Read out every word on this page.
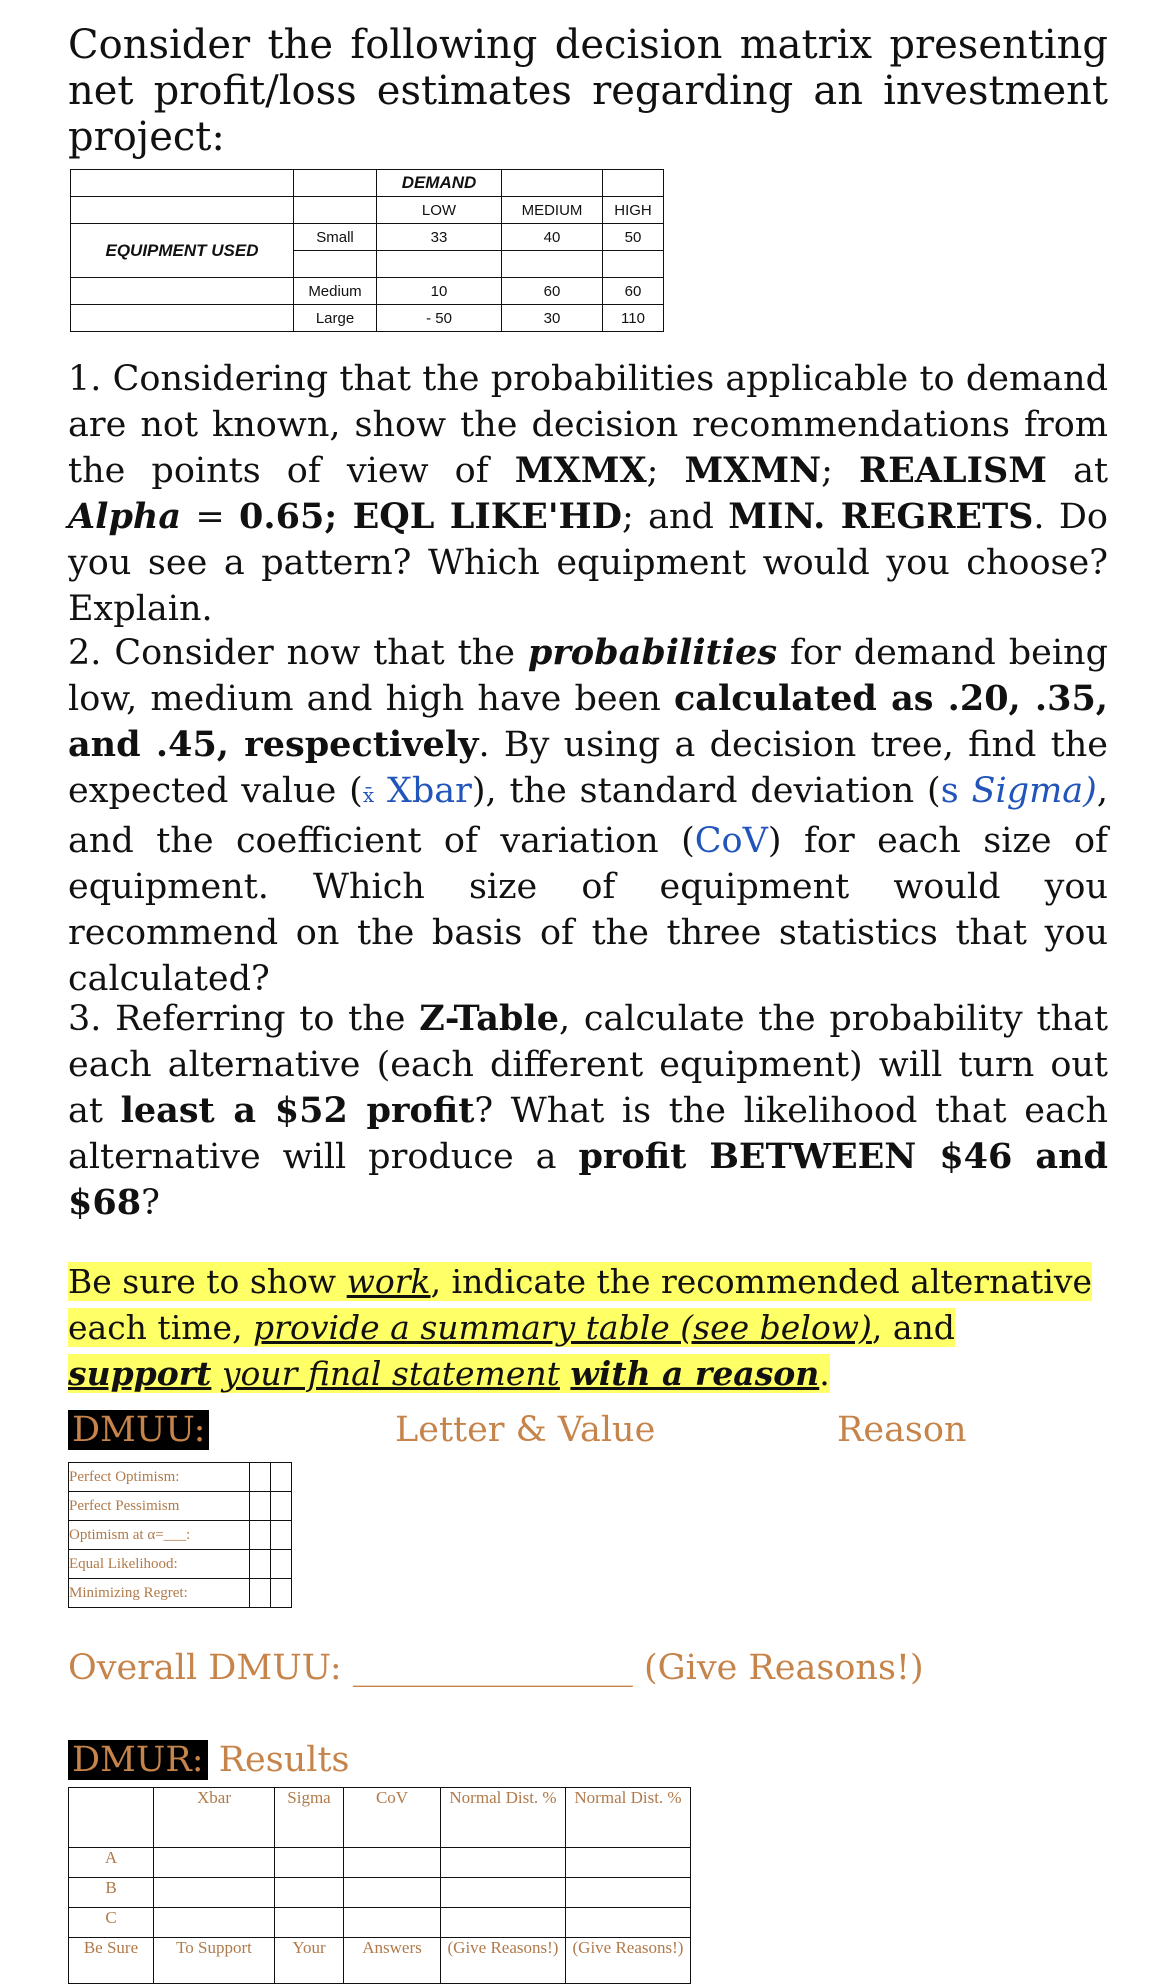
Consider the following decision matrix presenting net profit/loss estimates regarding an investment project:

		DEMAND		
		LOW	MEDIUM	HIGH
EQUIPMENT USED	Small	33	40	50

	Medium	10	60	60
	Large	- 50	30	110

1. Considering that the probabilities applicable to demand are not known, show the decision recommendations from the points of view of MXMX; MXMN; REALISM at Alpha = 0.65; EQL LIKE'HD; and MIN. REGRETS. Do you see a pattern? Which equipment would you choose? Explain.

2. Consider now that the probabilities for demand being low, medium and high have been calculated as .20, .35, and .45, respectively. By using a decision tree, find the expected value (x̄ Xbar), the standard deviation (s Sigma), and the coefficient of variation (CoV) for each size of equipment. Which size of equipment would you recommend on the basis of the three statistics that you calculated?

3. Referring to the Z-Table, calculate the probability that each alternative (each different equipment) will turn out at least a $52 profit? What is the likelihood that each alternative will produce a profit BETWEEN $46 and $68?

Be sure to show work, indicate the recommended alternative each time, provide a summary table (see below), and support your final statement with a reason.

DMUU:	Letter & Value	Reason
Perfect Optimism:		
Perfect Pessimism		
Optimism at α=___:		
Equal Likelihood:		
Minimizing Regret:		
Overall DMUU: ________________ (Give Reasons!)
DMUR: Results
	Xbar	Sigma	CoV	Normal Dist. %	Normal Dist. %
A					
B					
C					
Be Sure	To Support	Your	Answers	(Give Reasons!)	(Give Reasons!)
